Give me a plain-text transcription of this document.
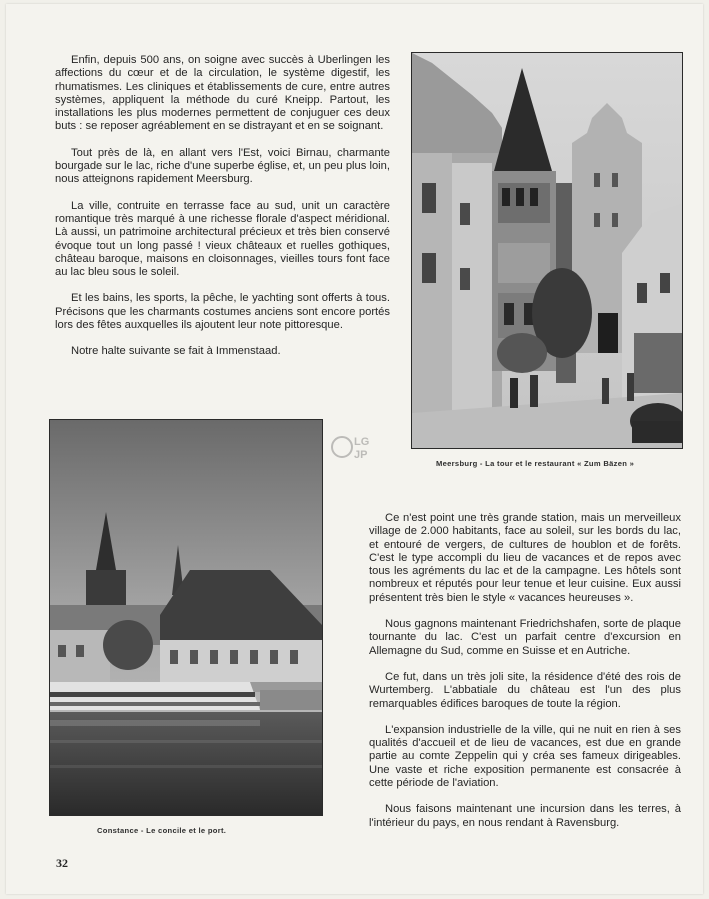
Enfin, depuis 500 ans, on soigne avec succès à Uberlingen les affections du cœur et de la circulation, le système digestif, les rhumatismes. Les cliniques et établissements de cure, entre autres systèmes, appliquent la méthode du curé Kneipp. Partout, les installations les plus modernes permettent de conjuguer ces deux buts : se reposer agréablement en se distrayant et en se soignant.

Tout près de là, en allant vers l'Est, voici Birnau, charmante bourgade sur le lac, riche d'une superbe église, et, un peu plus loin, nous atteignons rapidement Meersburg.

La ville, contruite en terrasse face au sud, unit un caractère romantique très marqué à une richesse florale d'aspect méridional. Là aussi, un patrimoine architectural précieux et très bien conservé évoque tout un long passé ! vieux châteaux et ruelles gothiques, château baroque, maisons en cloisonnages, vieilles tours font face au lac bleu sous le soleil.

Et les bains, les sports, la pêche, le yachting sont offerts à tous. Précisons que les charmants costumes anciens sont encore portés lors des fêtes auxquelles ils ajoutent leur note pittoresque.

Notre halte suivante se fait à Immenstaad.

Meersburg - La tour et le restaurant « Zum Bäzen »
LG
JP
Constance - Le concile et le port.

Ce n'est point une très grande station, mais un merveilleux village de 2.000 habitants, face au soleil, sur les bords du lac, et entouré de vergers, de cultures de houblon et de forêts. C'est le type accompli du lieu de vacances et de repos avec tous les agréments du lac et de la campagne. Les hôtels sont nombreux et réputés pour leur tenue et leur cuisine. Eux aussi présentent très bien le style « vacances heureuses ».

Nous gagnons maintenant Friedrichshafen, sorte de plaque tournante du lac. C'est un parfait centre d'excursion en Allemagne du Sud, comme en Suisse et en Autriche.

Ce fut, dans un très joli site, la résidence d'été des rois de Wurtemberg. L'abbatiale du château est l'un des plus remarquables édifices baroques de toute la région.

L'expansion industrielle de la ville, qui ne nuit en rien à ses qualités d'accueil et de lieu de vacances, est due en grande partie au comte Zeppelin qui y créa ses fameux dirigeables. Une vaste et riche exposition permanente est consacrée à cette période de l'aviation.

Nous faisons maintenant une incursion dans les terres, à l'intérieur du pays, en nous rendant à Ravensburg.

32
